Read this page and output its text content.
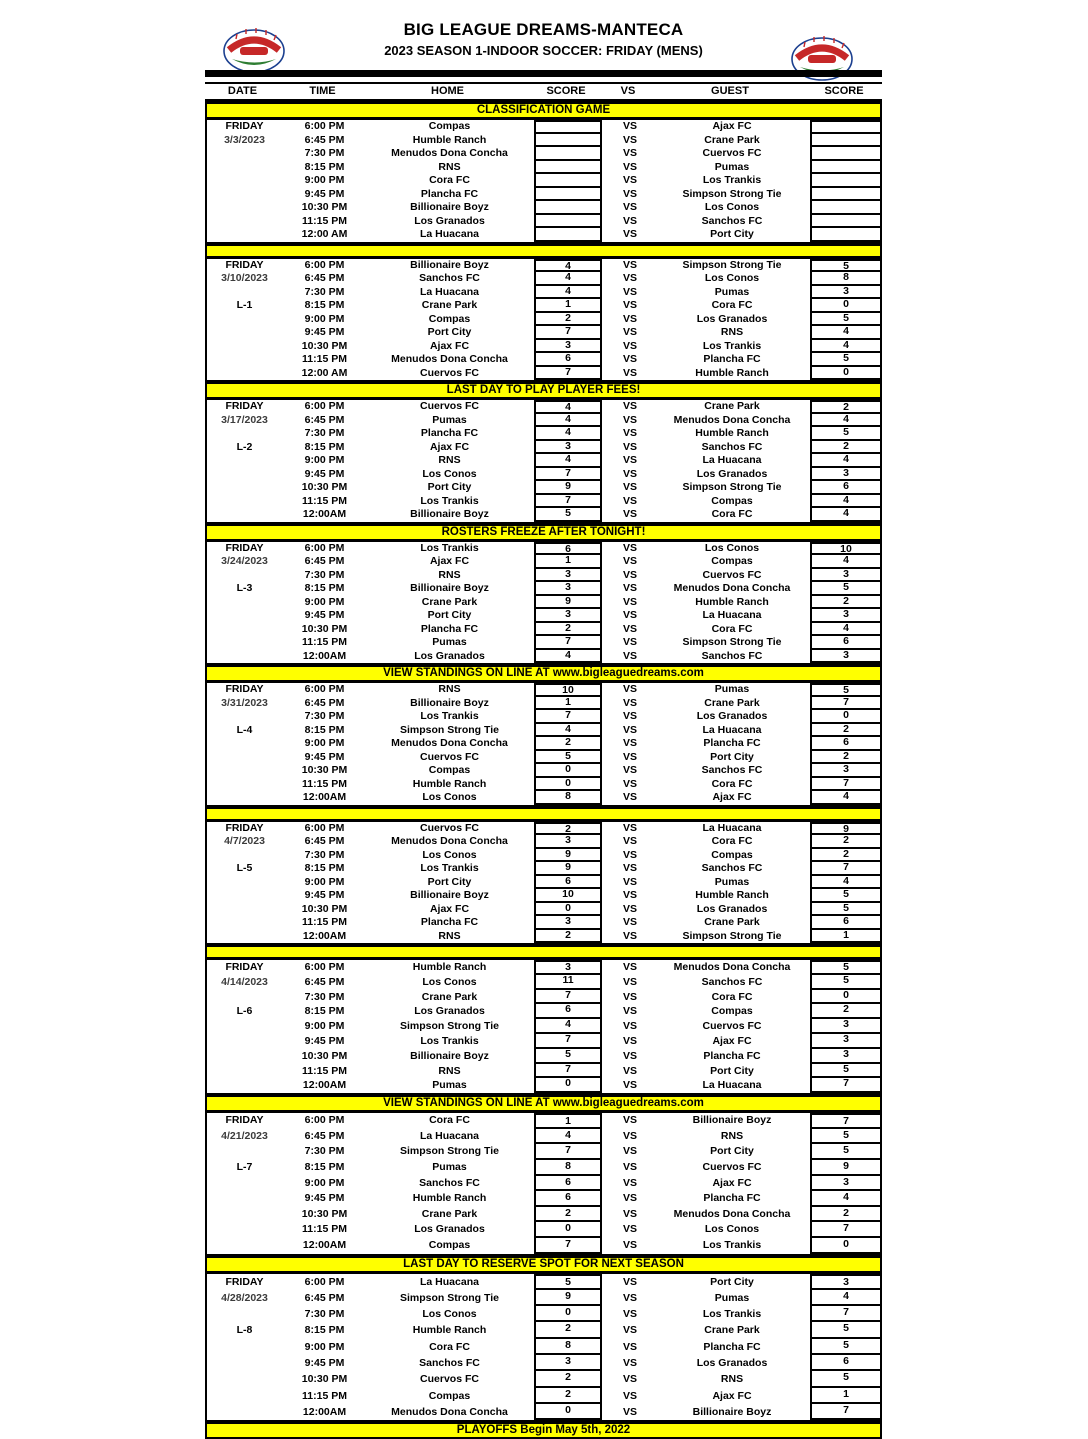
BIG LEAGUE DREAMS-MANTECA
2023 SEASON 1-INDOOR SOCCER: FRIDAY (MENS)
DATE	TIME	HOME	SCORE	VS	GUEST	SCORE
CLASSIFICATION GAME
FRIDAY
3/3/2023
6:00 PM	Compas	VS	Ajax FC
6:45 PM	Humble Ranch	VS	Crane Park
7:30 PM	Menudos Dona Concha	VS	Cuervos FC
8:15 PM	RNS	VS	Pumas
9:00 PM	Cora FC	VS	Los Trankis
9:45 PM	Plancha FC	VS	Simpson Strong Tie
10:30 PM	Billionaire Boyz	VS	Los Conos
11:15 PM	Los Granados	VS	Sanchos FC
12:00 AM	La Huacana	VS	Port City
FRIDAY
3/10/2023
L-1
6:00 PM	Billionaire Boyz	4	VS	Simpson Strong Tie	5
6:45 PM	Sanchos FC	4	VS	Los Conos	8
7:30 PM	La Huacana	4	VS	Pumas	3
8:15 PM	Crane Park	1	VS	Cora FC	0
9:00 PM	Compas	2	VS	Los Granados	5
9:45 PM	Port City	7	VS	RNS	4
10:30 PM	Ajax FC	3	VS	Los Trankis	4
11:15 PM	Menudos Dona Concha	6	VS	Plancha FC	5
12:00 AM	Cuervos FC	7	VS	Humble Ranch	0
LAST DAY TO PLAY PLAYER FEES!
FRIDAY
3/17/2023
L-2
6:00 PM	Cuervos FC	4	VS	Crane Park	2
6:45 PM	Pumas	4	VS	Menudos Dona Concha	4
7:30 PM	Plancha FC	4	VS	Humble Ranch	5
8:15 PM	Ajax FC	3	VS	Sanchos FC	2
9:00 PM	RNS	4	VS	La Huacana	4
9:45 PM	Los Conos	7	VS	Los Granados	3
10:30 PM	Port City	9	VS	Simpson Strong Tie	6
11:15 PM	Los Trankis	7	VS	Compas	4
12:00AM	Billionaire Boyz	5	VS	Cora FC	4
ROSTERS FREEZE AFTER TONIGHT!
FRIDAY
3/24/2023
L-3
6:00 PM	Los Trankis	6	VS	Los Conos	10
6:45 PM	Ajax FC	1	VS	Compas	4
7:30 PM	RNS	3	VS	Cuervos FC	3
8:15 PM	Billionaire Boyz	3	VS	Menudos Dona Concha	5
9:00 PM	Crane Park	9	VS	Humble Ranch	2
9:45 PM	Port City	3	VS	La Huacana	3
10:30 PM	Plancha FC	2	VS	Cora FC	4
11:15 PM	Pumas	7	VS	Simpson Strong Tie	6
12:00AM	Los Granados	4	VS	Sanchos FC	3
VIEW STANDINGS ON LINE AT www.bigleaguedreams.com
FRIDAY
3/31/2023
L-4
6:00 PM	RNS	10	VS	Pumas	5
6:45 PM	Billionaire Boyz	1	VS	Crane Park	7
7:30 PM	Los Trankis	7	VS	Los Granados	0
8:15 PM	Simpson Strong Tie	4	VS	La Huacana	2
9:00 PM	Menudos Dona Concha	2	VS	Plancha FC	6
9:45 PM	Cuervos FC	5	VS	Port City	2
10:30 PM	Compas	0	VS	Sanchos FC	3
11:15 PM	Humble Ranch	0	VS	Cora FC	7
12:00AM	Los Conos	8	VS	Ajax FC	4
FRIDAY
4/7/2023
L-5
6:00 PM	Cuervos FC	2	VS	La Huacana	9
6:45 PM	Menudos Dona Concha	3	VS	Cora FC	2
7:30 PM	Los Conos	9	VS	Compas	2
8:15 PM	Los Trankis	9	VS	Sanchos FC	7
9:00 PM	Port City	6	VS	Pumas	4
9:45 PM	Billionaire Boyz	10	VS	Humble Ranch	5
10:30 PM	Ajax FC	0	VS	Los Granados	5
11:15 PM	Plancha FC	3	VS	Crane Park	6
12:00AM	RNS	2	VS	Simpson Strong Tie	1
FRIDAY
4/14/2023
L-6
6:00 PM	Humble Ranch	3	VS	Menudos Dona Concha	5
6:45 PM	Los Conos	11	VS	Sanchos FC	5
7:30 PM	Crane Park	7	VS	Cora FC	0
8:15 PM	Los Granados	6	VS	Compas	2
9:00 PM	Simpson Strong Tie	4	VS	Cuervos FC	3
9:45 PM	Los Trankis	7	VS	Ajax FC	3
10:30 PM	Billionaire Boyz	5	VS	Plancha FC	3
11:15 PM	RNS	7	VS	Port City	5
12:00AM	Pumas	0	VS	La Huacana	7
VIEW STANDINGS ON LINE AT www.bigleaguedreams.com
FRIDAY
4/21/2023
L-7
6:00 PM	Cora FC	1	VS	Billionaire Boyz	7
6:45 PM	La Huacana	4	VS	RNS	5
7:30 PM	Simpson Strong Tie	7	VS	Port City	5
8:15 PM	Pumas	8	VS	Cuervos FC	9
9:00 PM	Sanchos FC	6	VS	Ajax FC	3
9:45 PM	Humble Ranch	6	VS	Plancha FC	4
10:30 PM	Crane Park	2	VS	Menudos Dona Concha	2
11:15 PM	Los Granados	0	VS	Los Conos	7
12:00AM	Compas	7	VS	Los Trankis	0
LAST DAY TO RESERVE SPOT FOR NEXT SEASON
FRIDAY
4/28/2023
L-8
6:00 PM	La Huacana	5	VS	Port City	3
6:45 PM	Simpson Strong Tie	9	VS	Pumas	4
7:30 PM	Los Conos	0	VS	Los Trankis	7
8:15 PM	Humble Ranch	2	VS	Crane Park	5
9:00 PM	Cora FC	8	VS	Plancha FC	5
9:45 PM	Sanchos FC	3	VS	Los Granados	6
10:30 PM	Cuervos FC	2	VS	RNS	5
11:15 PM	Compas	2	VS	Ajax FC	1
12:00AM	Menudos Dona Concha	0	VS	Billionaire Boyz	7
PLAYOFFS Begin May 5th, 2022
